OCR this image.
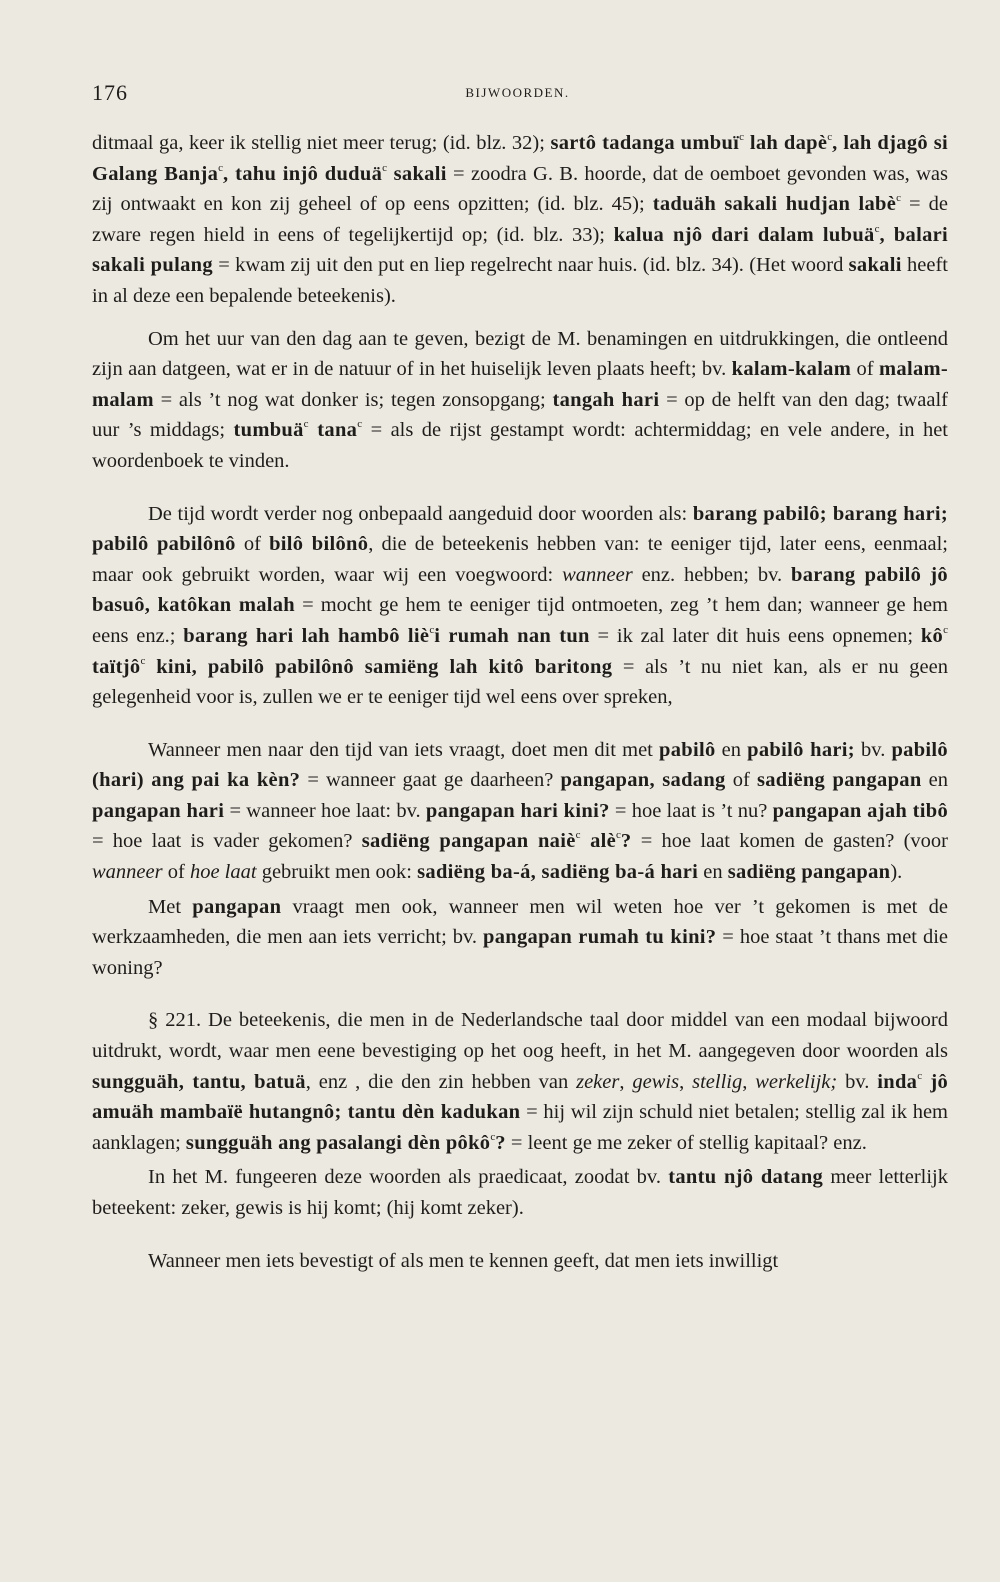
176	BIJWOORDEN.

ditmaal ga, keer ik stellig niet meer terug; (id. blz. 32); sartô tadanga umbuï$^c$ lah dapè$^c$, lah djagô si Galang Banja$^c$, tahu injô duduä$^c$ sakali = zoodra G. B. hoorde, dat de oemboet gevonden was, was zij ontwaakt en kon zij geheel of op eens opzitten; (id. blz. 45); taduäh sakali hudjan labè$^c$ = de zware regen hield in eens of tegelijkertijd op; (id. blz. 33); kalua njô dari dalam lubuä$^c$, balari sakali pulang = kwam zij uit den put en liep regelrecht naar huis. (id. blz. 34). (Het woord sakali heeft in al deze een bepalende beteekenis).

Om het uur van den dag aan te geven, bezigt de M. benamingen en uitdrukkingen, die ontleend zijn aan datgeen, wat er in de natuur of in het huiselijk leven plaats heeft; bv. kalam-kalam of malam-malam = als ’t nog wat donker is; tegen zonsopgang; tangah hari = op de helft van den dag; twaalf uur ’s middags; tumbuä$^c$ tana$^c$ = als de rijst gestampt wordt: achtermiddag; en vele andere, in het woordenboek te vinden.

De tijd wordt verder nog onbepaald aangeduid door woorden als: barang pabilô; barang hari; pabilô pabilônô of bilô bilônô, die de beteekenis hebben van: te eeniger tijd, later eens, eenmaal; maar ook gebruikt worden, waar wij een voegwoord: wanneer enz. hebben; bv. barang pabilô jô basuô, katôkan malah = mocht ge hem te eeniger tijd ontmoeten, zeg ’t hem dan; wanneer ge hem eens enz.; barang hari lah hambô liè$^c$i rumah nan tun = ik zal later dit huis eens opnemen; $kô^c$ taïtjô$^c$ kini, pabilô pabilônô samiëng lah kitô baritong = als ’t nu niet kan, als er nu geen gelegenheid voor is, zullen we er te eeniger tijd wel eens over spreken,

Wanneer men naar den tijd van iets vraagt, doet men dit met pabilô en pabilô hari; bv. pabilô (hari) ang pai ka kèn? = wanneer gaat ge daarheen? pangapan, sadang of sadiëng pangapan en pangapan hari = wanneer hoe laat: bv. pangapan hari kini? = hoe laat is ’t nu? pangapan ajah tibô = hoe laat is vader gekomen? sadiëng pangapan naiè$^c$ alè$^c$? = hoe laat komen de gasten? (voor wanneer of hoe laat gebruikt men ook: sadiëng ba-á, sadiëng ba-á hari en sadiëng pangapan).

Met pangapan vraagt men ook, wanneer men wil weten hoe ver ’t gekomen is met de werkzaamheden, die men aan iets verricht; bv. pangapan rumah tu kini? = hoe staat ’t thans met die woning?

§ 221. De beteekenis, die men in de Nederlandsche taal door middel van een modaal bijwoord uitdrukt, wordt, waar men eene bevestiging op het oog heeft, in het M. aangegeven door woorden als sungguäh, tantu, batuä, enz , die den zin hebben van zeker, gewis, stellig, werkelijk; bv. inda$^c$ jô amuäh mambaïë hutangnô; tantu dèn kadukan = hij wil zijn schuld niet betalen; stellig zal ik hem aanklagen; sungguäh ang pasalangi dèn pôkô$^c$? = leent ge me zeker of stellig kapitaal? enz.

In het M. fungeeren deze woorden als praedicaat, zoodat bv. tantu njô datang meer letterlijk beteekent: zeker, gewis is hij komt; (hij komt zeker).

Wanneer men iets bevestigt of als men te kennen geeft, dat men iets inwilligt
